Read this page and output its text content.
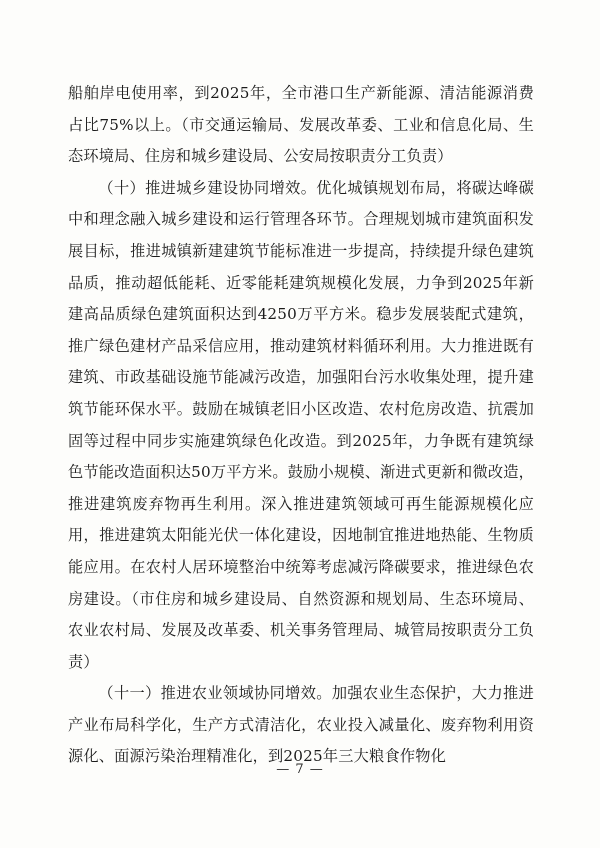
船舶岸电使用率，到2025年，全市港口生产新能源、清洁能源消费占比75%以上。（市交通运输局、发展改革委、工业和信息化局、生态环境局、住房和城乡建设局、公安局按职责分工负责）

（十）推进城乡建设协同增效。优化城镇规划布局，将碳达峰碳中和理念融入城乡建设和运行管理各环节。合理规划城市建筑面积发展目标，推进城镇新建建筑节能标准进一步提高，持续提升绿色建筑品质，推动超低能耗、近零能耗建筑规模化发展，力争到2025年新建高品质绿色建筑面积达到4250万平方米。稳步发展装配式建筑，推广绿色建材产品采信应用，推动建筑材料循环利用。大力推进既有建筑、市政基础设施节能减污改造，加强阳台污水收集处理，提升建筑节能环保水平。鼓励在城镇老旧小区改造、农村危房改造、抗震加固等过程中同步实施建筑绿色化改造。到2025年，力争既有建筑绿色节能改造面积达50万平方米。鼓励小规模、渐进式更新和微改造，推进建筑废弃物再生利用。深入推进建筑领域可再生能源规模化应用，推进建筑太阳能光伏一体化建设，因地制宜推进地热能、生物质能应用。在农村人居环境整治中统筹考虑减污降碳要求，推进绿色农房建设。（市住房和城乡建设局、自然资源和规划局、生态环境局、农业农村局、发展及改革委、机关事务管理局、城管局按职责分工负责）

（十一）推进农业领域协同增效。加强农业生态保护，大力推进产业布局科学化，生产方式清洁化，农业投入减量化、废弃物利用资源化、面源污染治理精准化，到2025年三大粮食作物化

— 7 —
